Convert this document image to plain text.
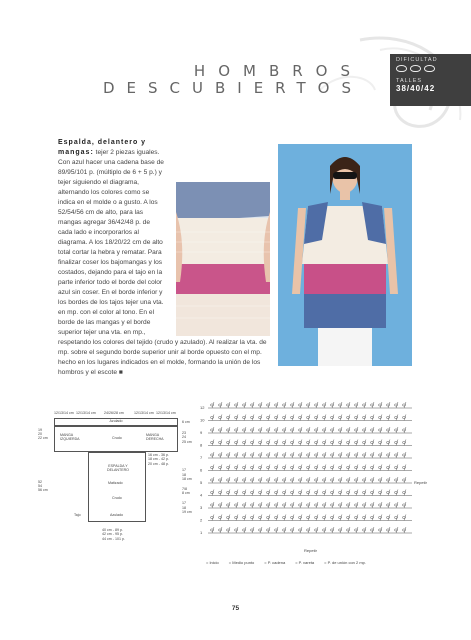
HOMBROS
DESCUBIERTOS
DIFICULTAD
TALLES
38/40/42
Espalda, delantero y mangas: tejer 2 piezas iguales. Con azul hacer una cadena base de 89/95/101 p. (múltiplo de 6 + 5 p.) y tejer siguiendo el diagrama, alternando los colores como se indica en el molde o a gusto. A los 52/54/56 cm de alto, para las mangas agregar 36/42/48 p. de cada lado e incorporarlos al diagrama. A los 18/20/22 cm de alto total cortar la hebra y rematar. Para finalizar coser los bajomangas y los costados, dejando para el tajo en la parte inferior todo el borde del color azul sin coser. En el borde inferior y los bordes de los tajos tejer una vta. en mp. con el color al tono. En el borde de las mangas y el borde superior tejer una vta. en mp., respetando los colores del tejido (crudo y azulado). Al realizar la vta. de mp. sobre el segundo borde superior unir al borde opuesto con el mp. hecho en los lugares indicados en el molde, formando la unión de los hombros y el escote ■
12/13/14 cm 12/13/14 cm 24/26/28 cm	12/13/14 cm 12/13/14 cm
Azulado
MANGA IZQUIERDA	Crudo
MANGA DERECHA
ESPALDA Y DELANTERO
Matizado
Crudo
Azulado
Tajo
19
20
22 cm
52
54
56 cm
6 cm
23
24
25 cm
16 cm - 36 p.
18 cm - 42 p.
20 cm - 48 p.
17
18
18 cm
7/8
8 cm
17
18
19 cm
40 cm - 89 p.
42 cm - 95 p.
44 cm - 101 p.
12
10
9
8
7
6
5
4
3
2
1
Repetir
Repetir
= Inicio	= Medio punto	= P. cadena	= P. varetа	= P. de unión con 2 mp.
75
